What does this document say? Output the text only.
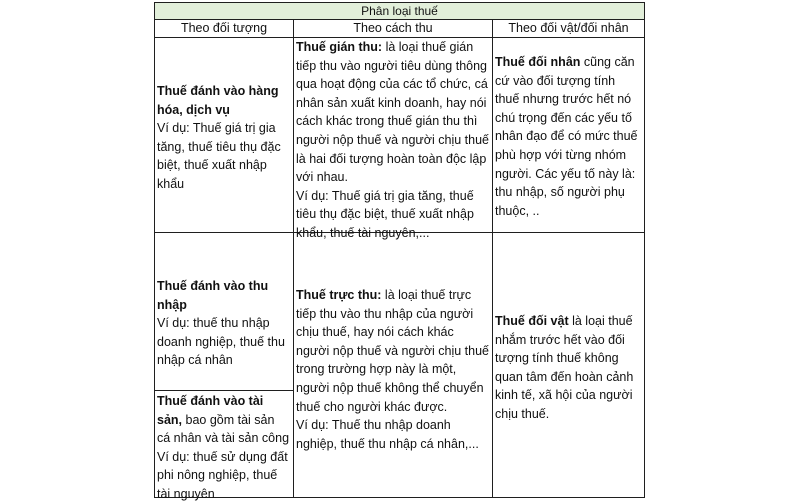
Phân loại thuế
Theo đối tượng	Theo cách thu	Theo đối vật/đối nhân

Thuế đánh vào hàng hóa, dịch vụ

Ví dụ: Thuế giá trị gia tăng, thuế tiêu thụ đặc biệt, thuế xuất nhập khẩu

Thuế đánh vào thu nhập

Ví dụ: thuế thu nhập doanh nghiệp, thuế thu nhập cá nhân

Thuế đánh vào tài sản, bao gồm tài sản cá nhân và tài sản công

Ví dụ: thuế sử dụng đất phi nông nghiệp, thuế tài nguyên

Thuế gián thu: là loại thuế gián tiếp thu vào người tiêu dùng thông qua hoạt động của các tổ chức, cá nhân sản xuất kinh doanh, hay nói cách khác trong thuế gián thu thì người nộp thuế và người chịu thuế là hai đối tượng hoàn toàn độc lập với nhau.

Ví dụ: Thuế giá trị gia tăng, thuế tiêu thụ đặc biệt, thuế xuất nhập khẩu, thuế tài nguyên,...

Thuế trực thu: là loại thuế trực tiếp thu vào thu nhập của người chịu thuế, hay nói cách khác người nộp thuế và người chịu thuế trong trường hợp này là một, người nộp thuế không thể chuyển thuế cho người khác được.

Ví dụ: Thuế thu nhập doanh nghiệp, thuế thu nhập cá nhân,...

Thuế đối nhân cũng căn cứ vào đối tượng tính thuế nhưng trước hết nó chú trọng đến các yếu tố nhân đạo để có mức thuế phù hợp với từng nhóm người. Các yếu tố này là: thu nhập, số người phụ thuộc, ..

Thuế đối vật là loại thuế nhắm trước hết vào đối tượng tính thuế không quan tâm đến hoàn cảnh kinh tế, xã hội của người chịu thuế.
